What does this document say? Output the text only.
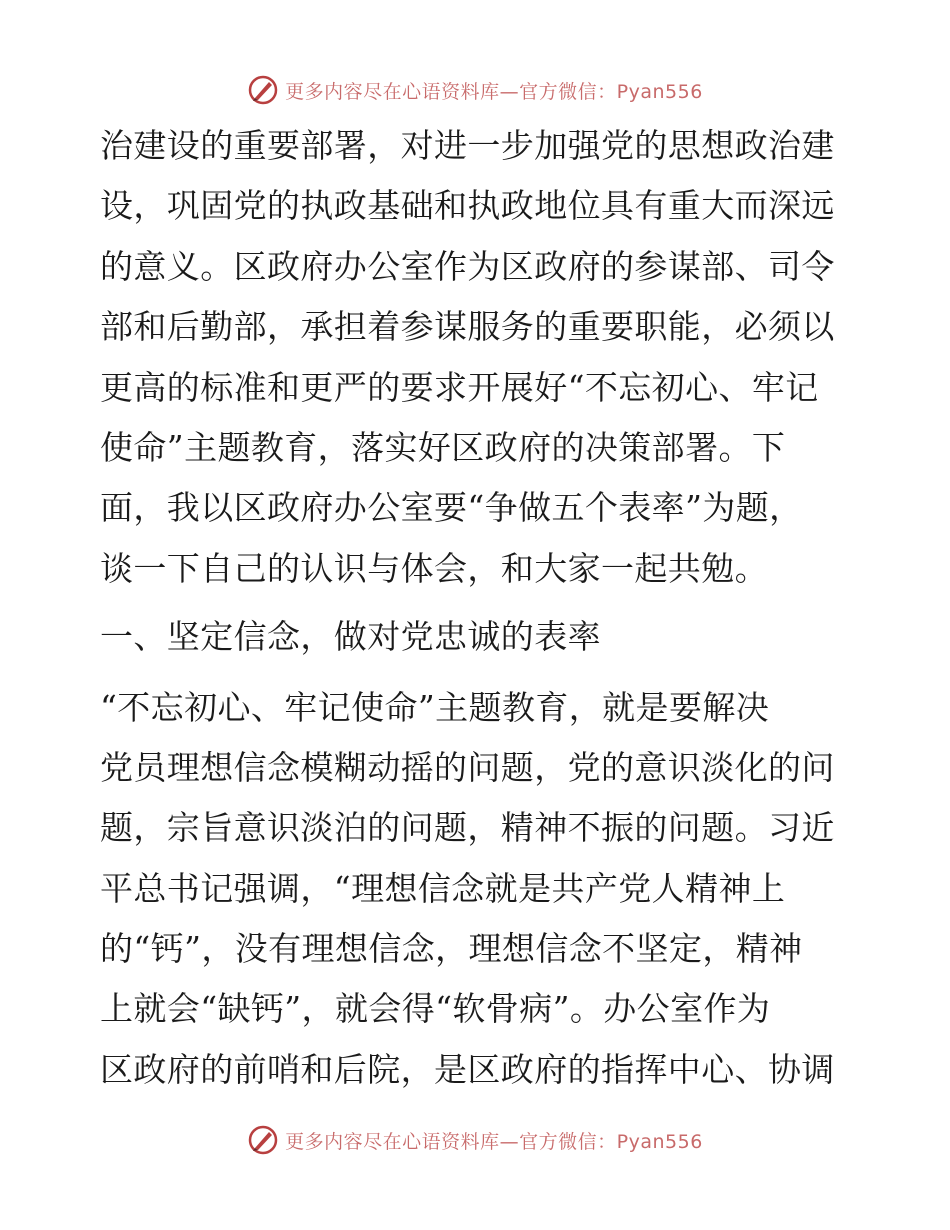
更多内容尽在心语资料库—官方微信：Pyan556
治建设的重要部署，对进一步加强党的思想政治建
设，巩固党的执政基础和执政地位具有重大而深远
的意义。区政府办公室作为区政府的参谋部、司令
部和后勤部，承担着参谋服务的重要职能，必须以
更高的标准和更严的要求开展好“不忘初心、牢记
使命”主题教育，落实好区政府的决策部署。下
面，我以区政府办公室要“争做五个表率”为题，
谈一下自己的认识与体会，和大家一起共勉。
一、坚定信念，做对党忠诚的表率
“不忘初心、牢记使命”主题教育，就是要解决
党员理想信念模糊动摇的问题，党的意识淡化的问
题，宗旨意识淡泊的问题，精神不振的问题。习近
平总书记强调，“理想信念就是共产党人精神上
的“钙”，没有理想信念，理想信念不坚定，精神
上就会“缺钙”，就会得“软骨病”。办公室作为
区政府的前哨和后院，是区政府的指挥中心、协调
更多内容尽在心语资料库—官方微信：Pyan556
